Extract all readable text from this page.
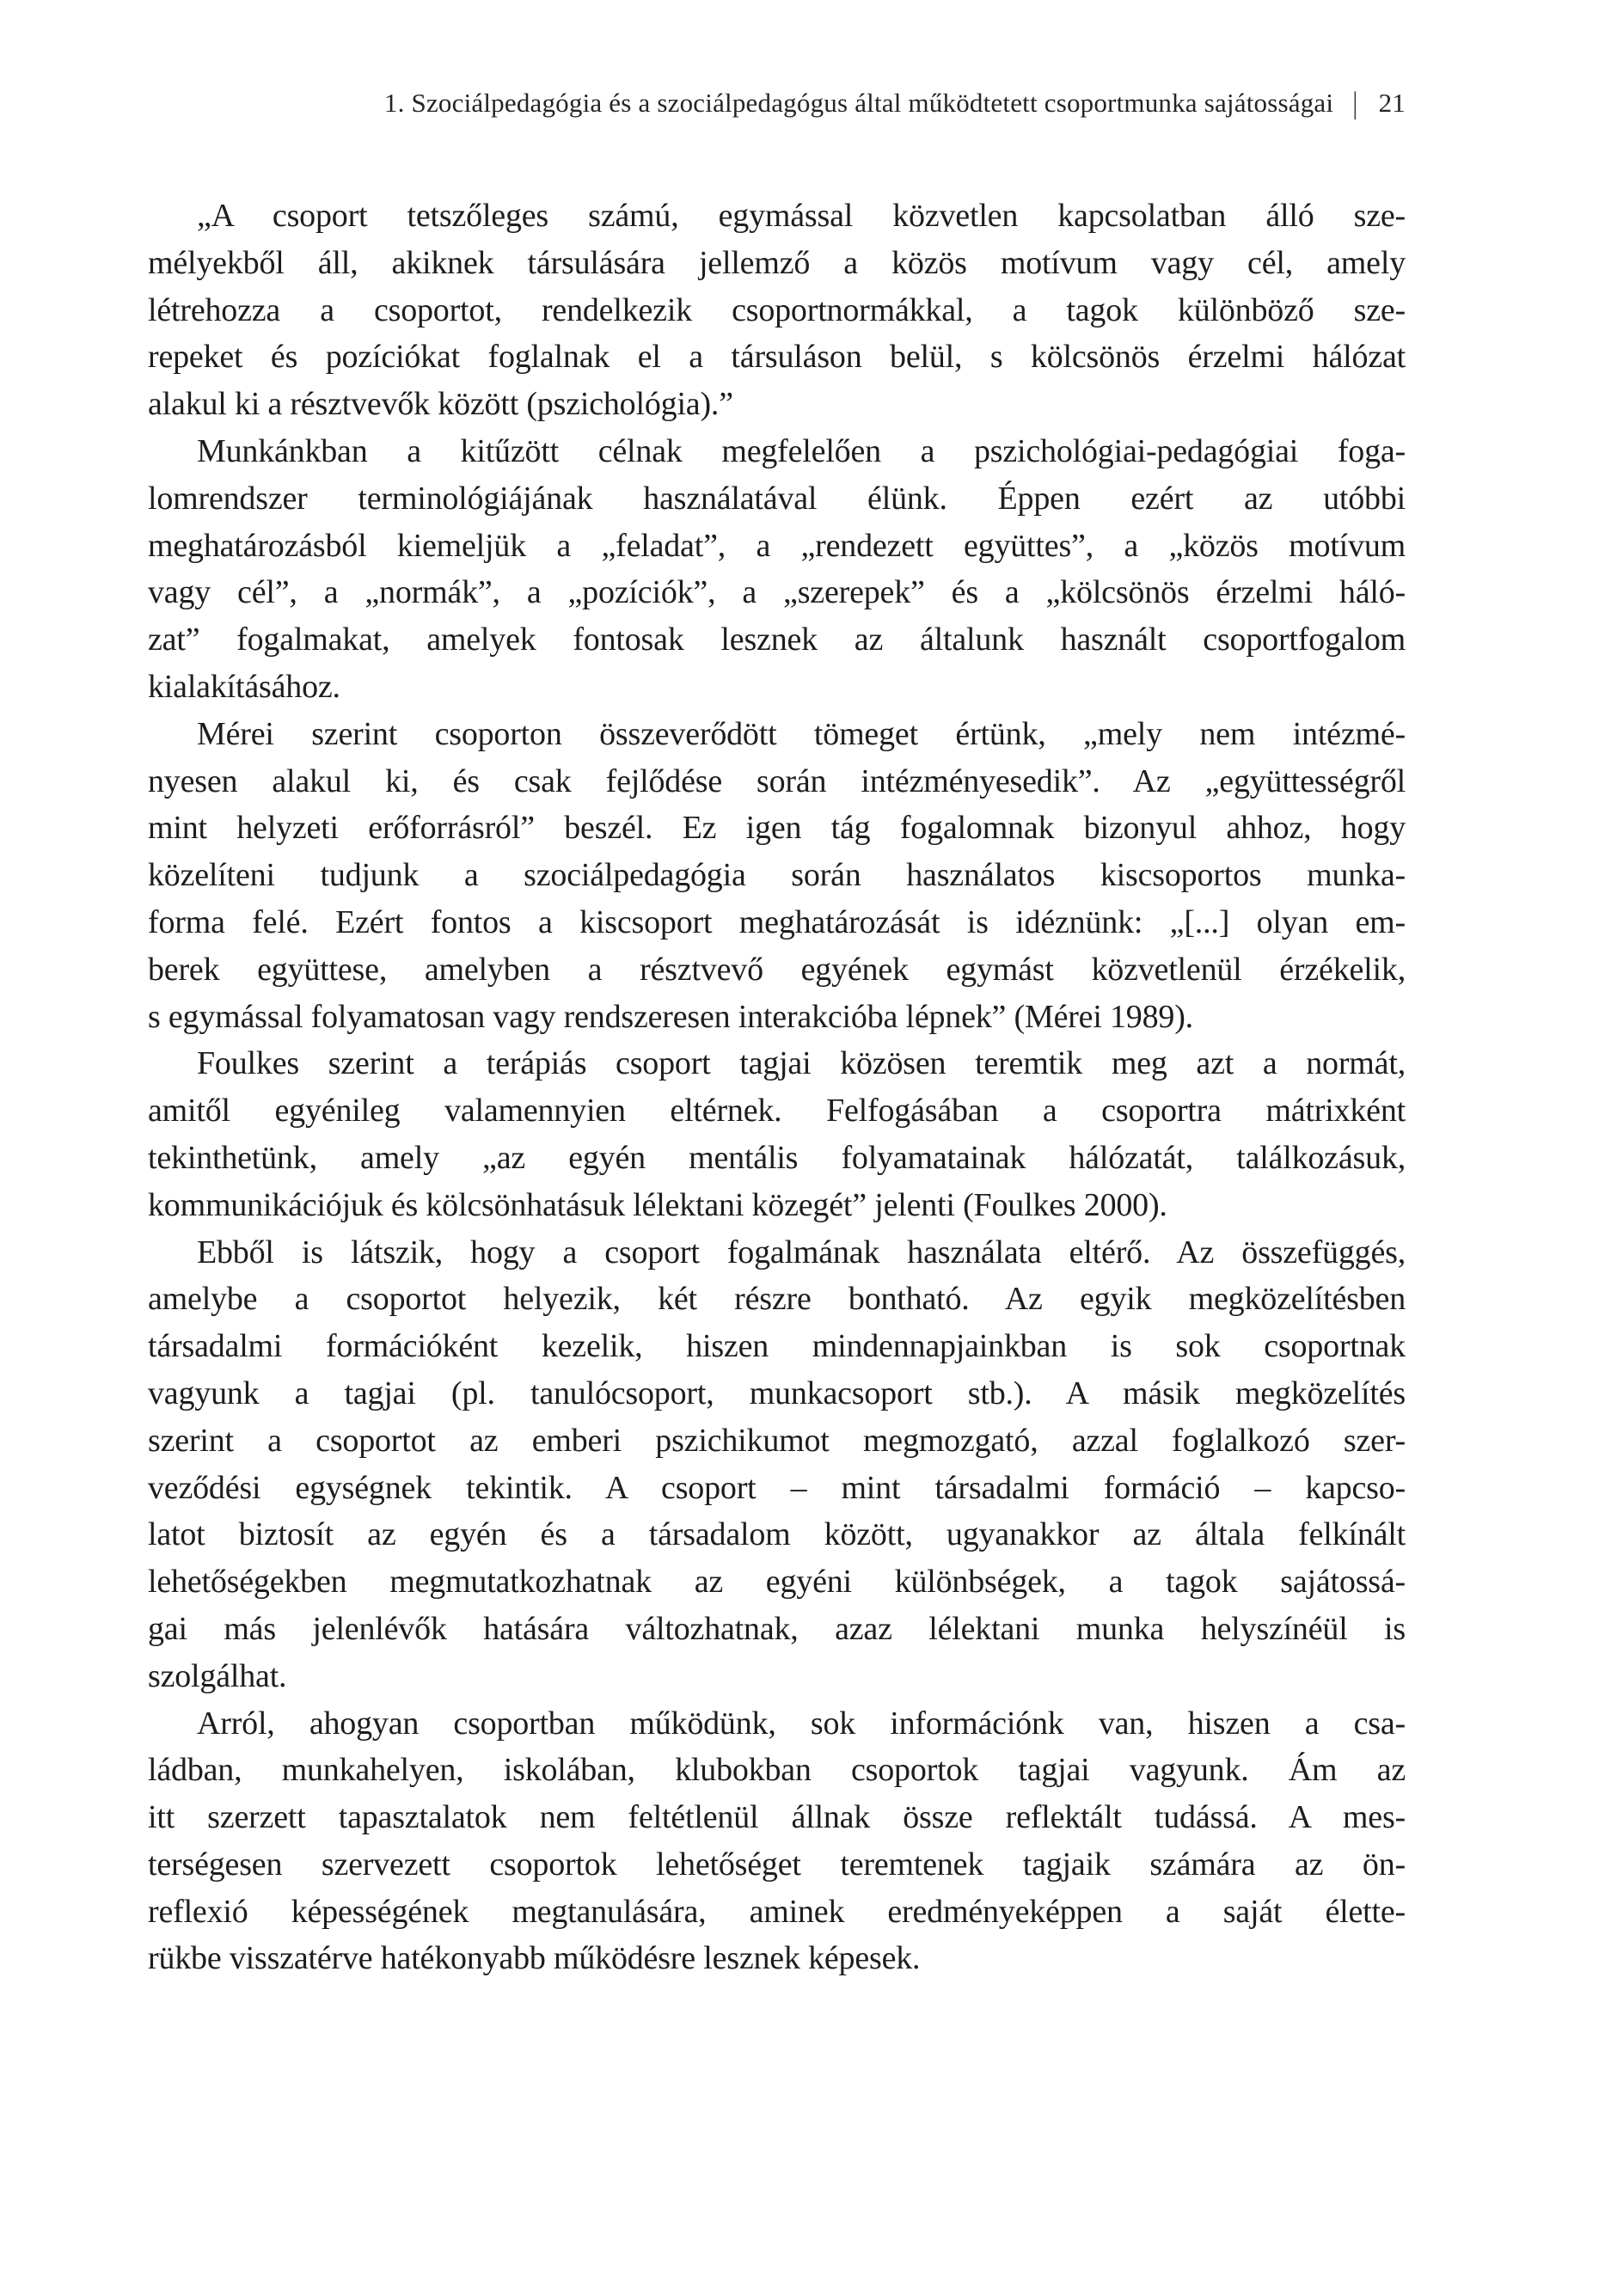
1. Szociálpedagógia és a szociálpedagógus által működtetett csoportmunka sajátosságai | 21
„A csoport tetszőleges számú, egymással közvetlen kapcsolatban álló sze-
mélyekből áll, akiknek társulására jellemző a közös motívum vagy cél, amely
létrehozza a csoportot, rendelkezik csoportnormákkal, a tagok különböző sze-
repeket és pozíciókat foglalnak el a társuláson belül, s kölcsönös érzelmi hálózat
alakul ki a résztvevők között (pszichológia).”
Munkánkban a kitűzött célnak megfelelően a pszichológiai-pedagógiai foga-
lomrendszer terminológiájának használatával élünk. Éppen ezért az utóbbi
meghatározásból kiemeljük a „feladat”, a „rendezett együttes”, a „közös motívum
vagy cél”, a „normák”, a „pozíciók”, a „szerepek” és a „kölcsönös érzelmi háló-
zat” fogalmakat, amelyek fontosak lesznek az általunk használt csoportfogalom
kialakításához.
Mérei szerint csoporton összeverődött tömeget értünk, „mely nem intézmé-
nyesen alakul ki, és csak fejlődése során intézményesedik”. Az „együttességről
mint helyzeti erőforrásról” beszél. Ez igen tág fogalomnak bizonyul ahhoz, hogy
közelíteni tudjunk a szociálpedagógia során használatos kiscsoportos munka-
forma felé. Ezért fontos a kiscsoport meghatározását is idéznünk: „[...] olyan em-
berek együttese, amelyben a résztvevő egyének egymást közvetlenül érzékelik,
s egymással folyamatosan vagy rendszeresen interakcióba lépnek” (Mérei 1989).
Foulkes szerint a terápiás csoport tagjai közösen teremtik meg azt a normát,
amitől egyénileg valamennyien eltérnek. Felfogásában a csoportra mátrixként
tekinthetünk, amely „az egyén mentális folyamatainak hálózatát, találkozásuk,
kommunikációjuk és kölcsönhatásuk lélektani közegét” jelenti (Foulkes 2000).
Ebből is látszik, hogy a csoport fogalmának használata eltérő. Az összefüggés,
amelybe a csoportot helyezik, két részre bontható. Az egyik megközelítésben
társadalmi formációként kezelik, hiszen mindennapjainkban is sok csoportnak
vagyunk a tagjai (pl. tanulócsoport, munkacsoport stb.). A másik megközelítés
szerint a csoportot az emberi pszichikumot megmozgató, azzal foglalkozó szer-
veződési egységnek tekintik. A csoport – mint társadalmi formáció – kapcso-
latot biztosít az egyén és a társadalom között, ugyanakkor az általa felkínált
lehetőségekben megmutatkozhatnak az egyéni különbségek, a tagok sajátossá-
gai más jelenlévők hatására változhatnak, azaz lélektani munka helyszínéül is
szolgálhat.
Arról, ahogyan csoportban működünk, sok információnk van, hiszen a csa-
ládban, munkahelyen, iskolában, klubokban csoportok tagjai vagyunk. Ám az
itt szerzett tapasztalatok nem feltétlenül állnak össze reflektált tudássá. A mes-
terségesen szervezett csoportok lehetőséget teremtenek tagjaik számára az ön-
reflexió képességének megtanulására, aminek eredményeképpen a saját élette-
rükbe visszatérve hatékonyabb működésre lesznek képesek.
